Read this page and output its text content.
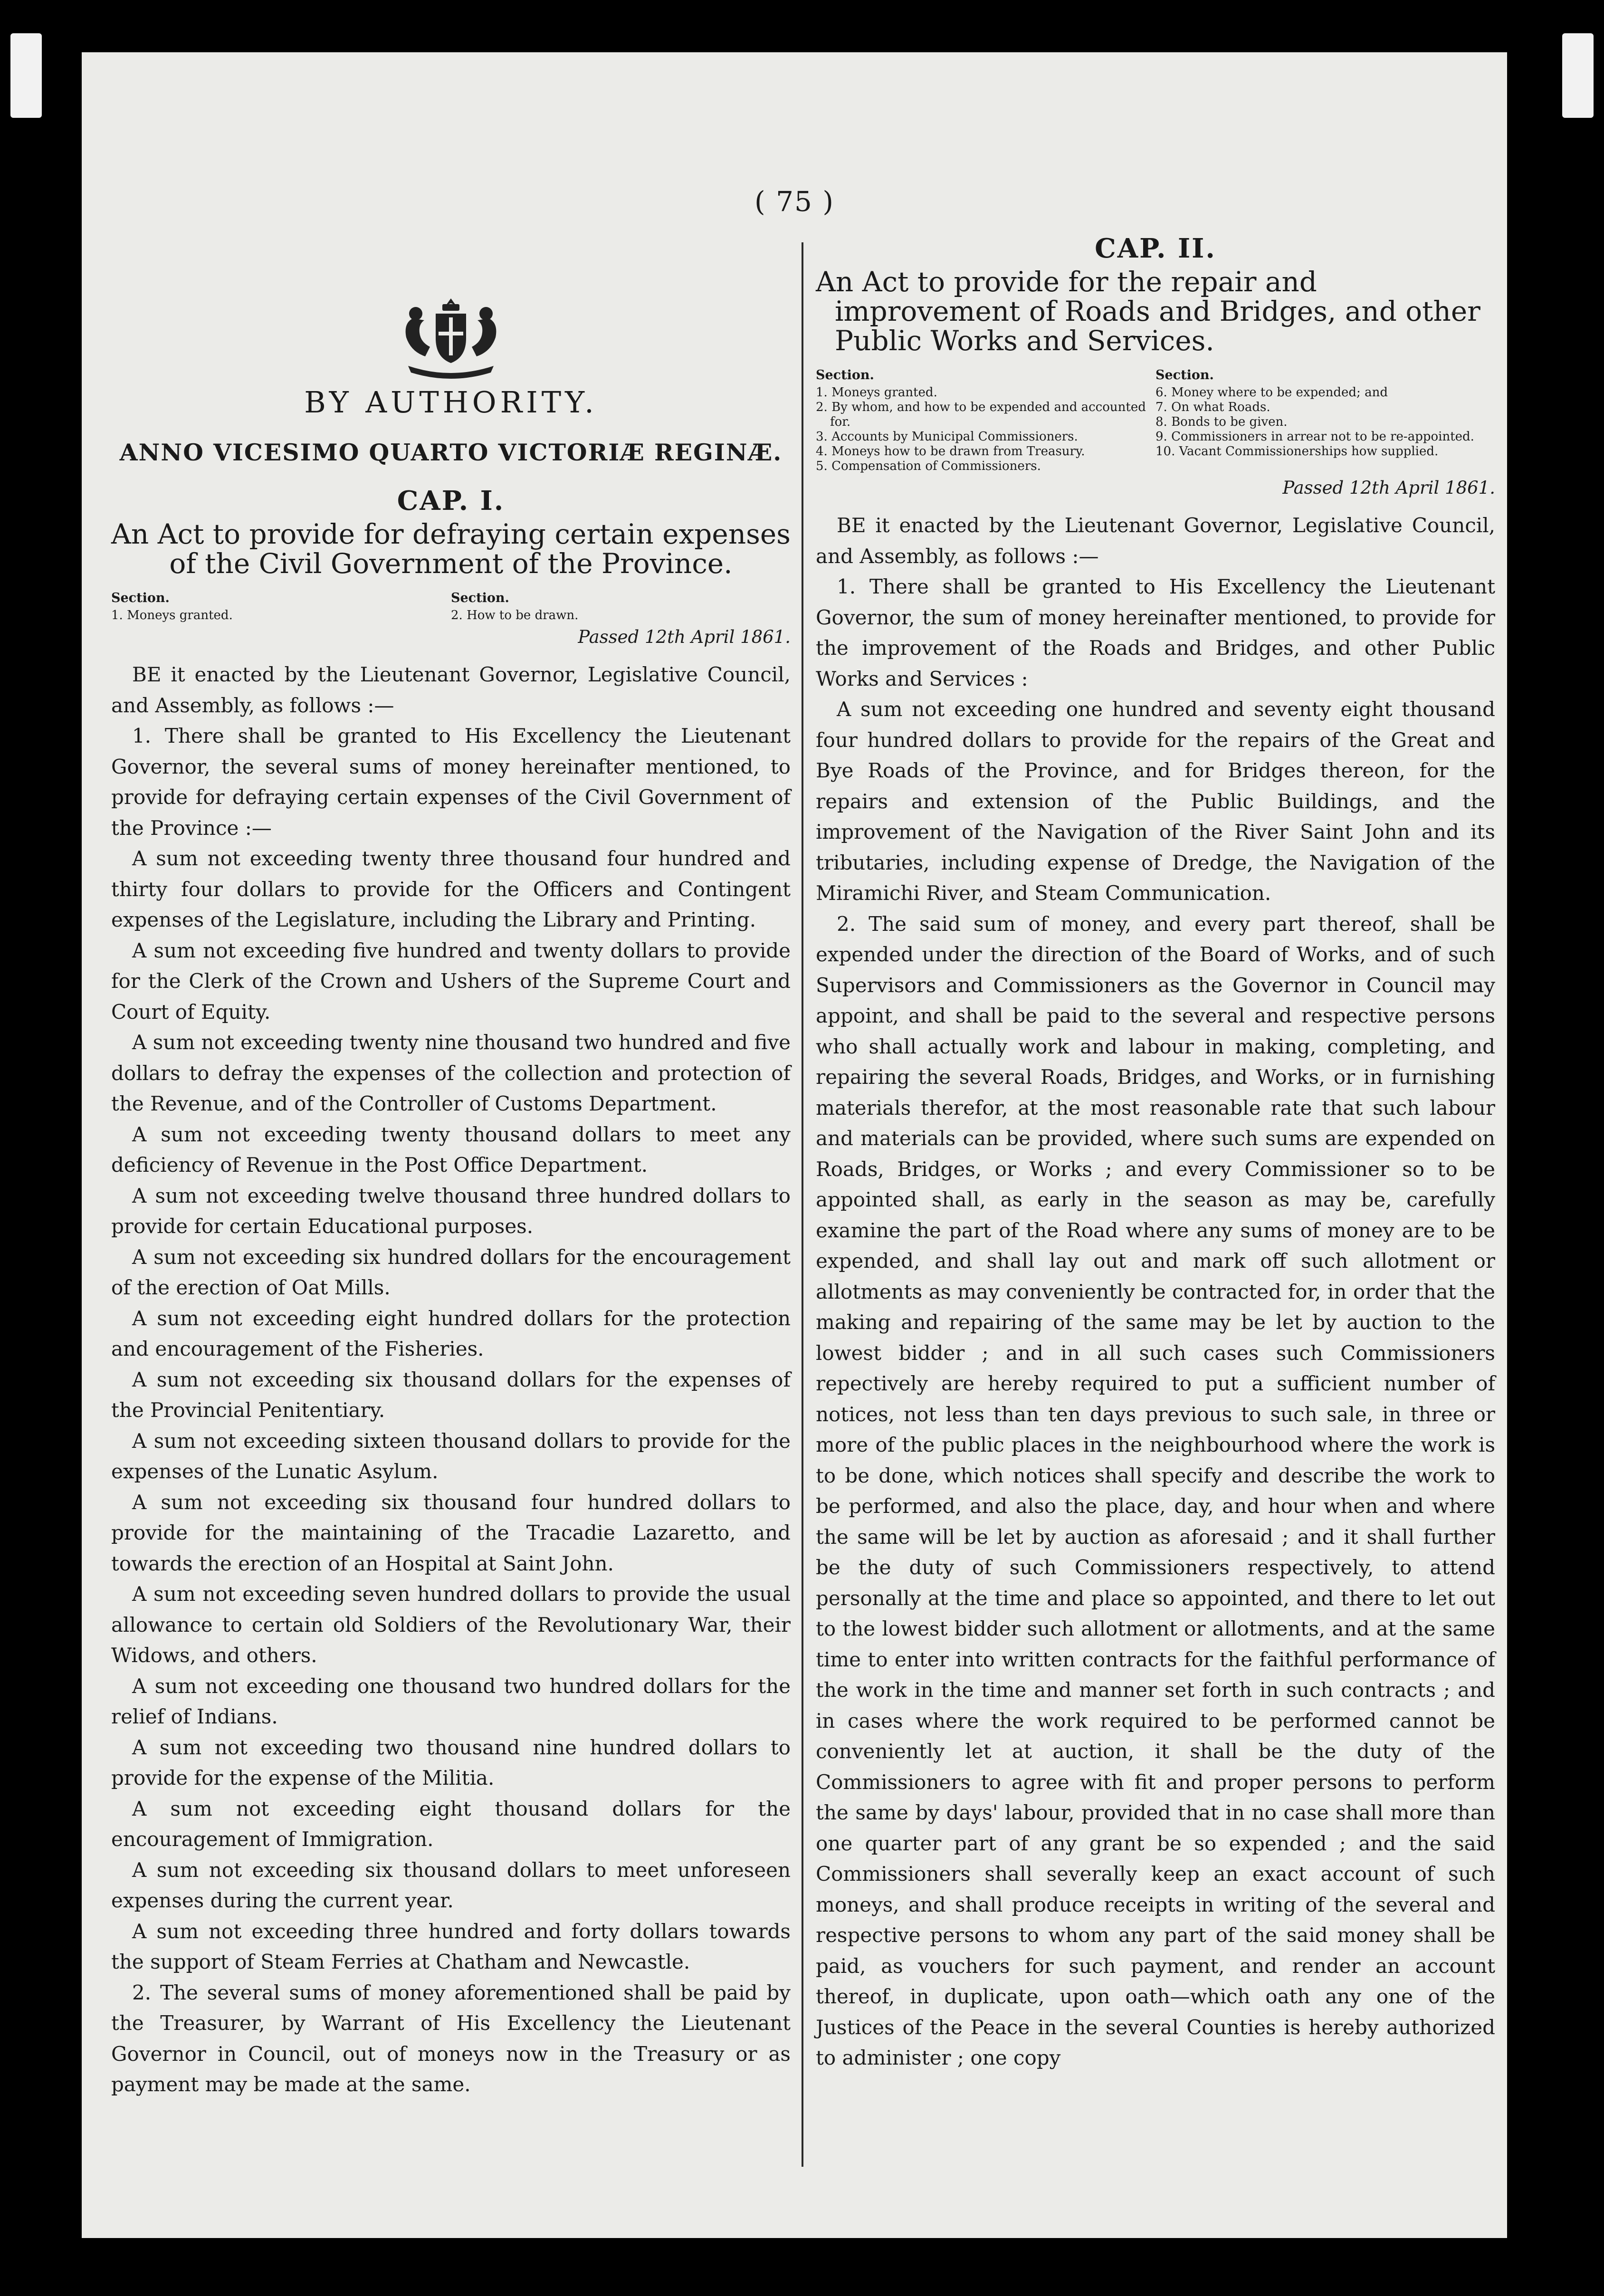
( 75 )
BY AUTHORITY.
ANNO VICESIMO QUARTO VICTORIÆ REGINÆ.
CAP. I.
An Act to provide for defraying certain expenses of the Civil Government of the Province.
Section.
1. Moneys granted.
Section.
2. How to be drawn.
Passed 12th April 1861.

BE it enacted by the Lieutenant Governor, Legislative Council, and Assembly, as follows :—

1. There shall be granted to His Excellency the Lieutenant Governor, the several sums of money hereinafter mentioned, to provide for defraying certain expenses of the Civil Government of the Province :—

A sum not exceeding twenty three thousand four hundred and thirty four dollars to provide for the Officers and Contingent expenses of the Legislature, including the Library and Printing.

A sum not exceeding five hundred and twenty dollars to provide for the Clerk of the Crown and Ushers of the Supreme Court and Court of Equity.

A sum not exceeding twenty nine thousand two hundred and five dollars to defray the expenses of the collection and protection of the Revenue, and of the Controller of Customs Department.

A sum not exceeding twenty thousand dollars to meet any deficiency of Revenue in the Post Office Department.

A sum not exceeding twelve thousand three hundred dollars to provide for certain Educational purposes.

A sum not exceeding six hundred dollars for the encouragement of the erection of Oat Mills.

A sum not exceeding eight hundred dollars for the protection and encouragement of the Fisheries.

A sum not exceeding six thousand dollars for the expenses of the Provincial Penitentiary.

A sum not exceeding sixteen thousand dollars to provide for the expenses of the Lunatic Asylum.

A sum not exceeding six thousand four hundred dollars to provide for the maintaining of the Tracadie Lazaretto, and towards the erection of an Hospital at Saint John.

A sum not exceeding seven hundred dollars to provide the usual allowance to certain old Soldiers of the Revolutionary War, their Widows, and others.

A sum not exceeding one thousand two hundred dollars for the relief of Indians.

A sum not exceeding two thousand nine hundred dollars to provide for the expense of the Militia.

A sum not exceeding eight thousand dollars for the encouragement of Immigration.

A sum not exceeding six thousand dollars to meet unforeseen expenses during the current year.

A sum not exceeding three hundred and forty dollars towards the support of Steam Ferries at Chatham and Newcastle.

2. The several sums of money aforementioned shall be paid by the Treasurer, by Warrant of His Excellency the Lieutenant Governor in Council, out of moneys now in the Treasury or as payment may be made at the same.

CAP. II.
An Act to provide for the repair and improvement of Roads and Bridges, and other Public Works and Services.
Section.
1. Moneys granted.
2. By whom, and how to be expended and accounted for.
3. Accounts by Municipal Commissioners.
4. Moneys how to be drawn from Treasury.
5. Compensation of Commissioners.
Section.
6. Money where to be expended; and
7. On what Roads.
8. Bonds to be given.
9. Commissioners in arrear not to be re-appointed.
10. Vacant Commissionerships how supplied.
Passed 12th April 1861.

BE it enacted by the Lieutenant Governor, Legislative Council, and Assembly, as follows :—

1. There shall be granted to His Excellency the Lieutenant Governor, the sum of money hereinafter mentioned, to provide for the improvement of the Roads and Bridges, and other Public Works and Services :

A sum not exceeding one hundred and seventy eight thousand four hundred dollars to provide for the repairs of the Great and Bye Roads of the Province, and for Bridges thereon, for the repairs and extension of the Public Buildings, and the improvement of the Navigation of the River Saint John and its tributaries, including expense of Dredge, the Navigation of the Miramichi River, and Steam Communication.

2. The said sum of money, and every part thereof, shall be expended under the direction of the Board of Works, and of such Supervisors and Commissioners as the Governor in Council may appoint, and shall be paid to the several and respective persons who shall actually work and labour in making, completing, and repairing the several Roads, Bridges, and Works, or in furnishing materials therefor, at the most reasonable rate that such labour and materials can be provided, where such sums are expended on Roads, Bridges, or Works ; and every Commissioner so to be appointed shall, as early in the season as may be, carefully examine the part of the Road where any sums of money are to be expended, and shall lay out and mark off such allotment or allotments as may conveniently be contracted for, in order that the making and repairing of the same may be let by auction to the lowest bidder ; and in all such cases such Commissioners repectively are hereby required to put a sufficient number of notices, not less than ten days previous to such sale, in three or more of the public places in the neighbourhood where the work is to be done, which notices shall specify and describe the work to be performed, and also the place, day, and hour when and where the same will be let by auction as aforesaid ; and it shall further be the duty of such Commissioners respectively, to attend personally at the time and place so appointed, and there to let out to the lowest bidder such allotment or allotments, and at the same time to enter into written contracts for the faithful performance of the work in the time and manner set forth in such contracts ; and in cases where the work required to be performed cannot be conveniently let at auction, it shall be the duty of the Commissioners to agree with fit and proper persons to perform the same by days' labour, provided that in no case shall more than one quarter part of any grant be so expended ; and the said Commissioners shall severally keep an exact account of such moneys, and shall produce receipts in writing of the several and respective persons to whom any part of the said money shall be paid, as vouchers for such payment, and render an account thereof, in duplicate, upon oath—which oath any one of the Justices of the Peace in the several Counties is hereby authorized to administer ; one copy
